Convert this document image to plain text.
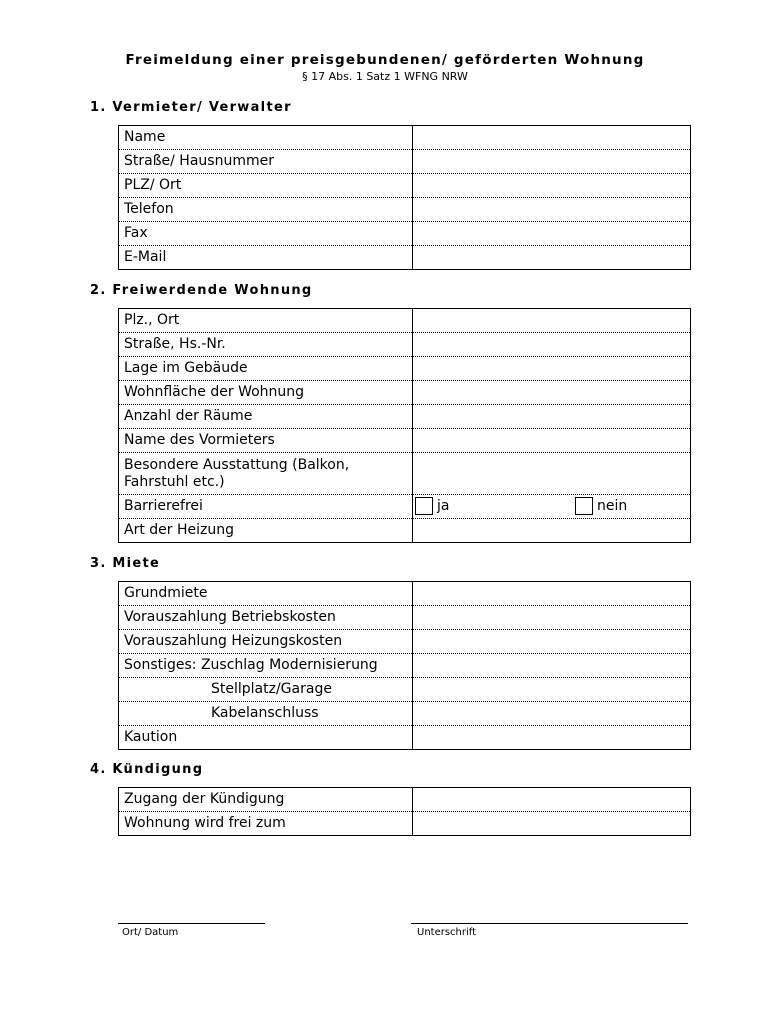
Freimeldung einer preisgebundenen/ geförderten Wohnung
§ 17 Abs. 1 Satz 1 WFNG NRW
1. Vermieter/ Verwalter
Name	
Straße/ Hausnummer	
PLZ/ Ort	
Telefon	
Fax	
E-Mail	
2. Freiwerdende Wohnung
Plz., Ort	
Straße, Hs.-Nr.	
Lage im Gebäude	
Wohnfläche der Wohnung	
Anzahl der Räume	
Name des Vormieters	
Besondere Ausstattung (Balkon,
Fahrstuhl etc.)	
Barrierefrei	ja nein

Art der Heizung	
3. Miete
Grundmiete	
Vorauszahlung Betriebskosten	
Vorauszahlung Heizungskosten	
Sonstiges: Zuschlag Modernisierung	
Stellplatz/Garage	
Kabelanschluss	
Kaution	
4. Kündigung
Zugang der Kündigung	
Wohnung wird frei zum	
Ort/ Datum	Unterschrift
